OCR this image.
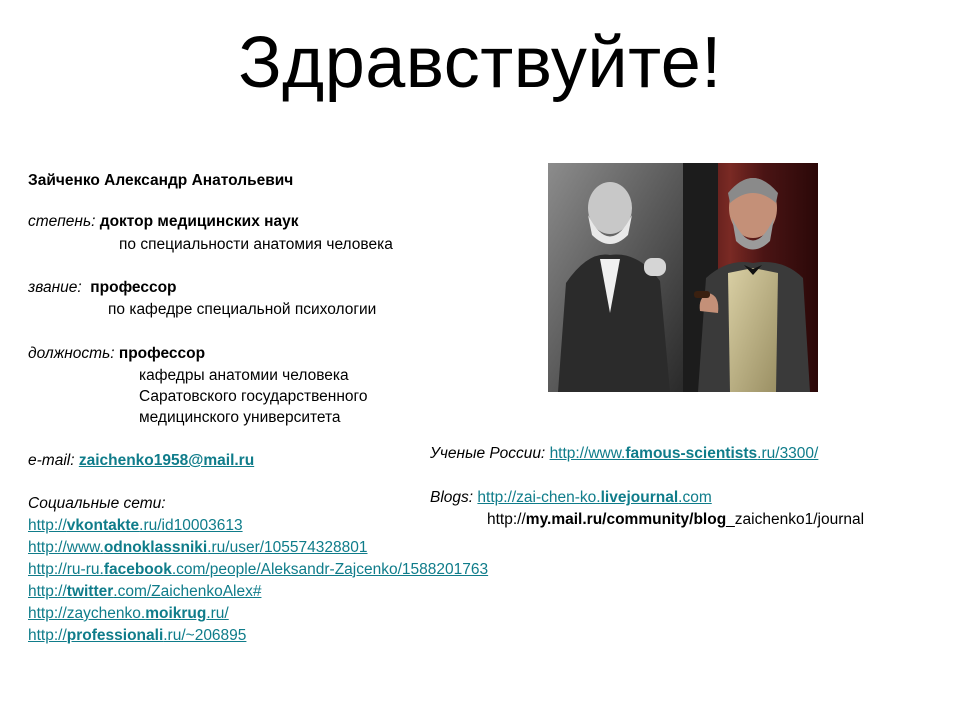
Здравствуйте!
Зайченко Александр Анатольевич
степень: доктор медицинских наук
по специальности анатомия человека
звание:  профессор
по кафедре специальной психологии
должность: профессор
кафедры анатомии человека
Саратовского государственного
медицинского университета
e-mail: zaichenko1958@mail.ru
Социальные сети:
http://vkontakte.ru/id10003613
http://www.odnoklassniki.ru/user/105574328801
http://ru-ru.facebook.com/people/Aleksandr-Zajcenko/1588201763
http://twitter.com/ZaichenkoAlex#
http://zaychenko.moikrug.ru/
http://professionali.ru/~206895
Ученые России: http://www.famous-scientists.ru/3300/
Blogs: http://zai-chen-ko.livejournal.com
http://my.mail.ru/community/blog_zaichenko1/journal
